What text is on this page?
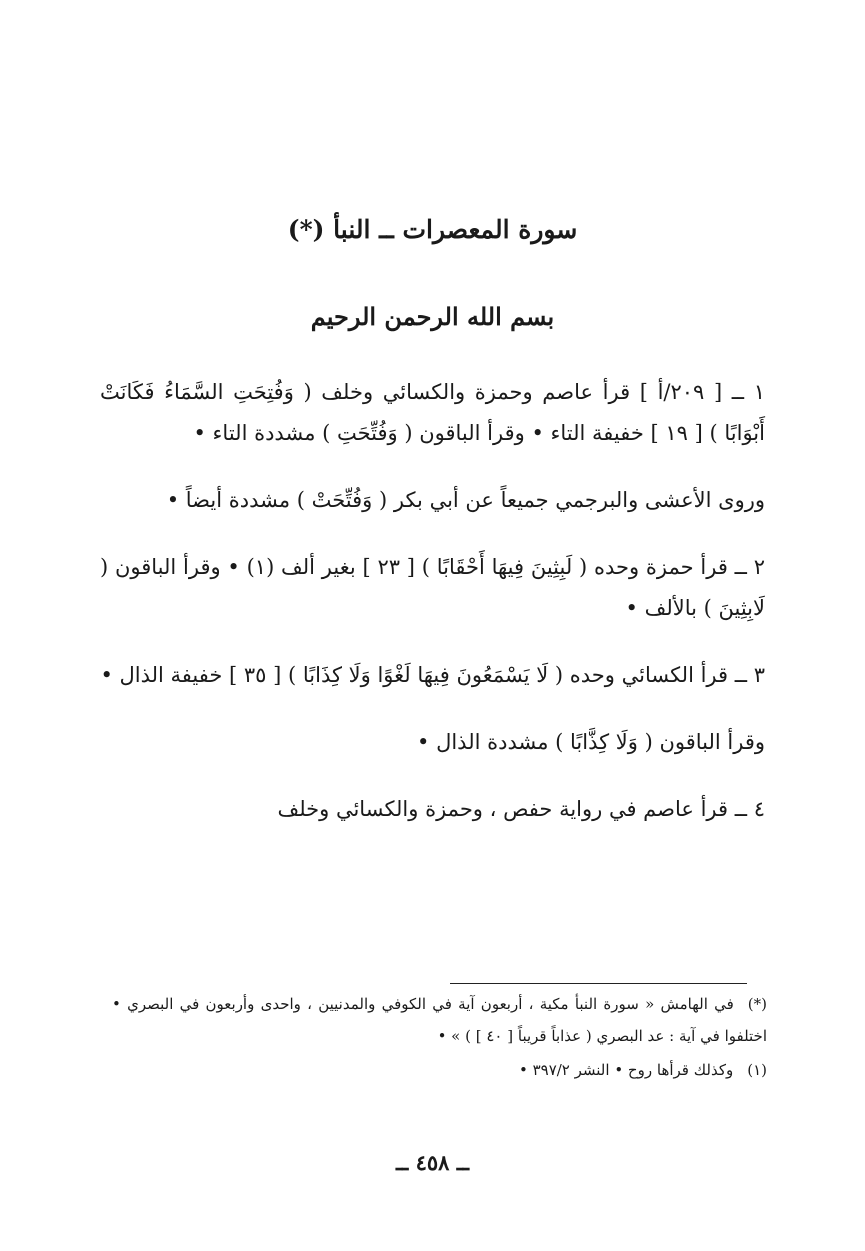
سورة المعصرات ــ النبأ (*)
بسم الله الرحمن الرحيم

١ ــ [ ٢٠٩/أ ] قرأ عاصم وحمزة والكسائي وخلف ( وَفُتِحَتِ السَّمَاءُ فَكَانَتْ أَبْوَابًا ) [ ١٩ ] خفيفة التاء • وقرأ الباقون ( وَفُتِّحَتِ ) مشددة التاء •

وروى الأعشى والبرجمي جميعاً عن أبي بكر ( وَفُتِّحَتْ ) مشددة أيضاً •

٢ ــ قرأ حمزة وحده ( لَبِثِينَ فِيهَا أَحْقَابًا ) [ ٢٣ ] بغير ألف (١) • وقرأ الباقون ( لَابِثِينَ ) بالألف •

٣ ــ قرأ الكسائي وحده ( لَا يَسْمَعُونَ فِيهَا لَغْوًا وَلَا كِذَابًا ) [ ٣٥ ] خفيفة الذال •

وقرأ الباقون ( وَلَا كِذَّابًا ) مشددة الذال •

٤ ــ قرأ عاصم في رواية حفص ، وحمزة والكسائي وخلف

(*)في الهامش « سورة النبأ مكية ، أربعون آية في الكوفي والمدنيين ، واحدى وأربعون في البصري • اختلفوا في آية : عد البصري ( عذاباً قريباً [ ٤٠ ] ) » •

(١)وكذلك قرأها روح • النشر ٣٩٧/٢ •

ــ ٤٥٨ ــ
